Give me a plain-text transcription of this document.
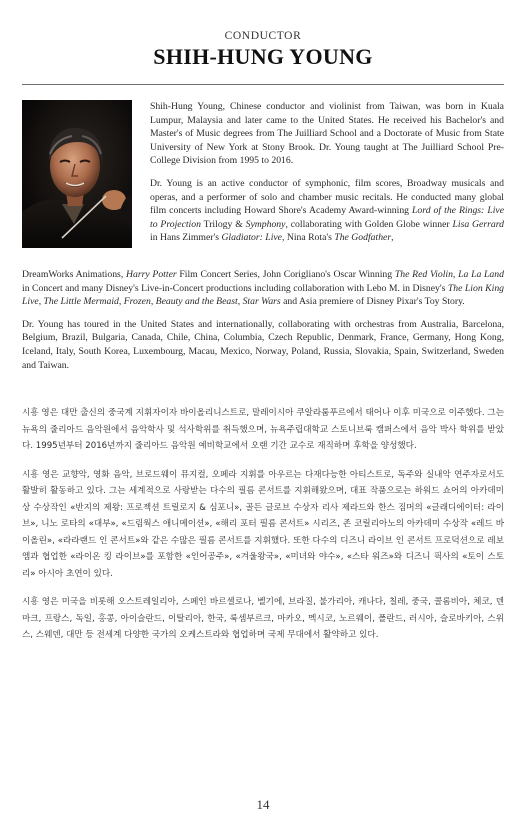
CONDUCTOR
SHIH-HUNG YOUNG

Shih-Hung Young, Chinese conductor and violinist from Taiwan, was born in Kuala Lumpur, Malaysia and later came to the United States. He received his Bachelor's and Master's of Music degrees from The Juilliard School and a Doctorate of Music from State University of New York at Stony Brook. Dr. Young taught at The Juilliard School Pre-College Division from 1995 to 2016.

Dr. Young is an active conductor of symphonic, film scores, Broadway musicals and operas, and a performer of solo and chamber music recitals. He conducted many global film concerts including Howard Shore's Academy Award-winning Lord of the Rings: Live to Projection Trilogy & Symphony, collaborating with Golden Globe winner Lisa Gerrard in Hans Zimmer's Gladiator: Live, Nina Rota's The Godfather,

DreamWorks Animations, Harry Potter Film Concert Series, John Corigliano's Oscar Winning The Red Violin, La La Land in Concert and many Disney's Live-in-Concert productions including collaboration with Lebo M. in Disney's The Lion King Live, The Little Mermaid, Frozen, Beauty and the Beast, Star Wars and Asia premiere of Disney Pixar's Toy Story.

Dr. Young has toured in the United States and internationally, collaborating with orchestras from Australia, Barcelona, Belgium, Brazil, Bulgaria, Canada, Chile, China, Columbia, Czech Republic, Denmark, France, Germany, Hong Kong, Iceland, Italy, South Korea, Luxembourg, Macau, Mexico, Norway, Poland, Russia, Slovakia, Spain, Switzerland, Sweden and Taiwan.

시흥 영은 대만 출신의 중국계 지휘자이자 바이올리니스트로, 말레이시아 쿠알라룸푸르에서 태어나 이후 미국으로 이주했다. 그는 뉴욕의 줄리아드 음악원에서 음악학사 및 석사학위를 취득했으며, 뉴욕주립대학교 스토니브룩 캠퍼스에서 음악 박사 학위를 받았다. 1995년부터 2016년까지 줄리아드 음악원 예비학교에서 오랜 기간 교수로 재직하며 후학을 양성했다.

시흥 영은 교향악, 영화 음악, 브로드웨이 뮤지컬, 오페라 지휘를 아우르는 다재다능한 아티스트로, 독주와 실내악 연주자로서도 활발히 활동하고 있다. 그는 세계적으로 사랑받는 다수의 필름 콘서트를 지휘해왔으며, 대표 작품으로는 하워드 쇼어의 아카데미상 수상작인 «반지의 제왕: 프로젝션 트릴로지 & 심포니», 골든 글로브 수상자 리사 제라드와 한스 짐머의 «글래디에이터: 라이브», 니노 로타의 «대부», «드림웍스 애니메이션», «해리 포터 필름 콘서트» 시리즈, 존 코릴리아노의 아카데미 수상작 «레드 바이올린», «라라랜드 인 콘서트»와 같은 수많은 필름 콘서트를 지휘했다. 또한 다수의 디즈니 라이브 인 콘서트 프로덕션으로 레보 엠과 협업한 «라이온 킹 라이브»를 포함한 «인어공주», «겨울왕국», «미녀와 야수», «스타 워즈»와 디즈니 픽사의 «토이 스토리» 아시아 초연이 있다.

시흥 영은 미국을 비롯해 오스트레일리아, 스페인 바르셀로나, 벨기에, 브라질, 불가리아, 캐나다, 칠레, 중국, 콜롬비아, 체코, 덴마크, 프랑스, 독일, 홍콩, 아이슬란드, 이탈리아, 한국, 룩셈부르크, 마카오, 멕시코, 노르웨이, 폴란드, 러시아, 슬로바키아, 스위스, 스웨덴, 대만 등 전세계 다양한 국가의 오케스트라와 협업하며 국제 무대에서 활약하고 있다.

14
